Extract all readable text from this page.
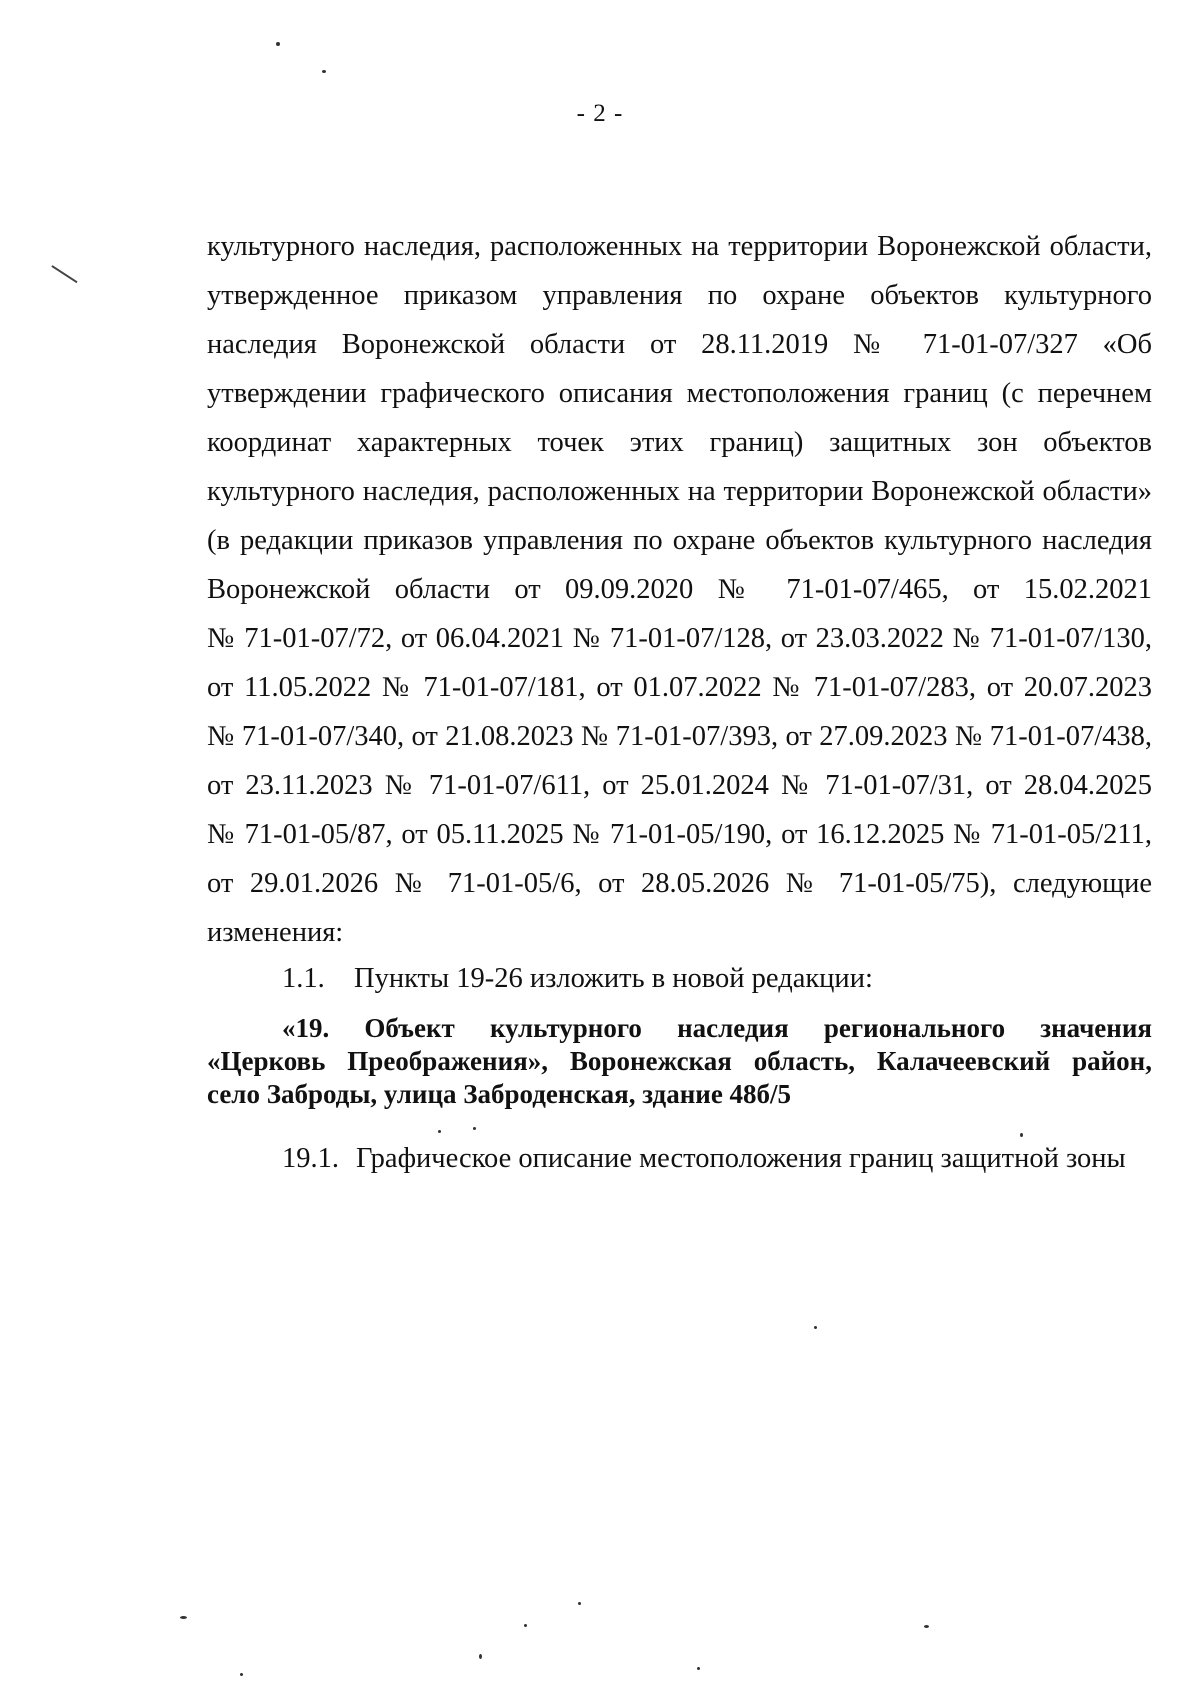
- 2 -
культурного наследия, расположенных на территории Воронежской области,
утвержденное приказом управления по охране объектов культурного
наследия Воронежской области от 28.11.2019 № 71-01-07/327 «Об
утверждении графического описания местоположения границ (с перечнем
координат характерных точек этих границ) защитных зон объектов
культурного наследия, расположенных на территории Воронежской области»
(в редакции приказов управления по охране объектов культурного наследия
Воронежской области от 09.09.2020 № 71-01-07/465, от 15.02.2021
№ 71-01-07/72, от 06.04.2021 № 71-01-07/128, от 23.03.2022 № 71-01-07/130,
от 11.05.2022 № 71-01-07/181, от 01.07.2022 № 71-01-07/283, от 20.07.2023
№ 71-01-07/340, от 21.08.2023 № 71-01-07/393, от 27.09.2023 № 71-01-07/438,
от 23.11.2023 № 71-01-07/611, от 25.01.2024 № 71-01-07/31, от 28.04.2025
№ 71-01-05/87, от 05.11.2025 № 71-01-05/190, от 16.12.2025 № 71-01-05/211,
от 29.01.2026 № 71-01-05/6, от 28.05.2026 № 71-01-05/75), следующие
изменения:
1.1. Пункты 19-26 изложить в новой редакции:
«19. Объект культурного наследия регионального значения
«Церковь Преображения», Воронежская область, Калачеевский район,
село Заброды, улица Заброденская, здание 48б/5
19.1. Графическое описание местоположения границ защитной зоны
